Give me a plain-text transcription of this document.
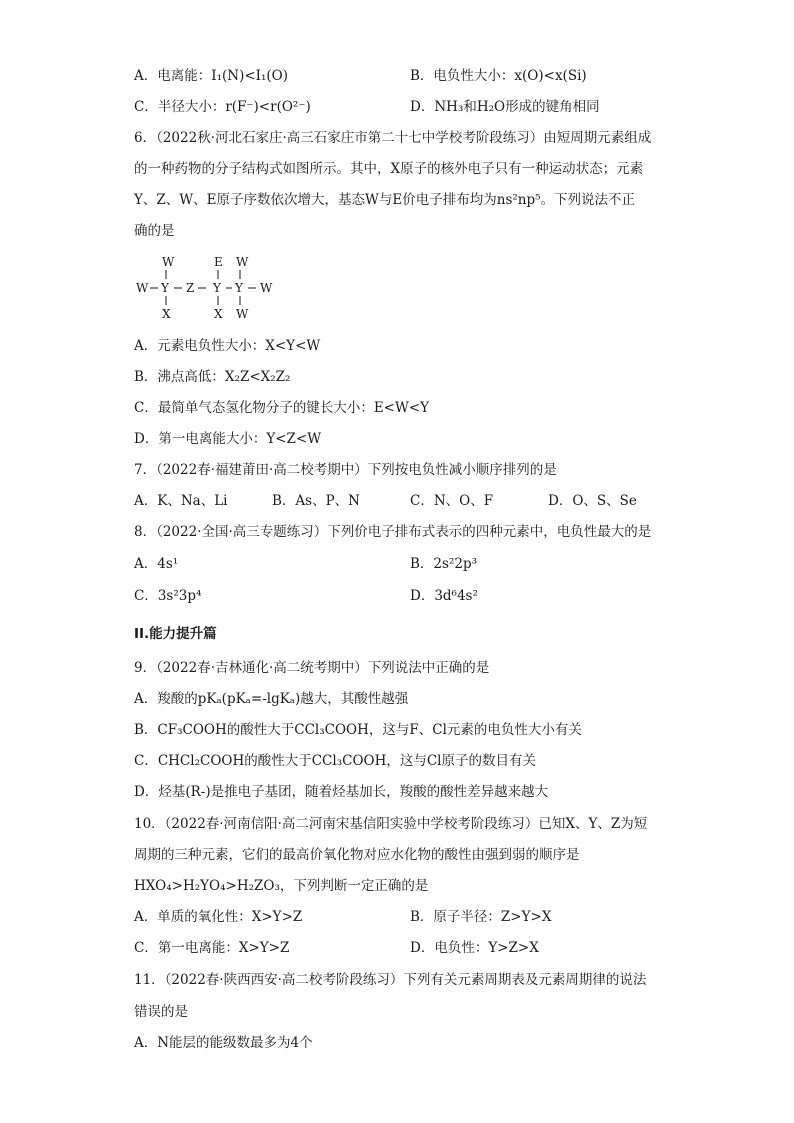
A．电离能：I₁(N)<I₁(O)	B．电负性大小：x(O)<x(Si)
C．半径大小：r(F⁻)<r(O²⁻)	D．NH₃和H₂O形成的键角相同
6．（2022秋·河北石家庄·高三石家庄市第二十七中学校考阶段练习）由短周期元素组成
的一种药物的分子结构式如图所示。其中，X原子的核外电子只有一种运动状态；元素
Y、Z、W、E原子序数依次增大，基态W与E价电子排布均为ns²np⁵。下列说法不正
确的是
W	E W
W Y Z Y Y W
X	X W
A．元素电负性大小：X<Y<W
B．沸点高低：X₂Z<X₂Z₂
C．最简单气态氢化物分子的键长大小：E<W<Y
D．第一电离能大小：Y<Z<W
7．（2022春·福建莆田·高二校考期中）下列按电负性减小顺序排列的是
A．K、Na、Li	B．As、P、N	C．N、O、F	D．O、S、Se
8．（2022·全国·高三专题练习）下列价电子排布式表示的四种元素中，电负性最大的是
A．4s¹	B．2s²2p³
C．3s²3p⁴	D．3d⁶4s²
II.能力提升篇
9．（2022春·吉林通化·高二统考期中）下列说法中正确的是
A．羧酸的pKₐ(pKₐ=-lgKₐ)越大，其酸性越强
B．CF₃COOH的酸性大于CCl₃COOH，这与F、Cl元素的电负性大小有关
C．CHCl₂COOH的酸性大于CCl₃COOH，这与Cl原子的数目有关
D．烃基(R-)是推电子基团，随着烃基加长，羧酸的酸性差异越来越大
10．（2022春·河南信阳·高二河南宋基信阳实验中学校考阶段练习）已知X、Y、Z为短
周期的三种元素，它们的最高价氧化物对应水化物的酸性由强到弱的顺序是
HXO₄>H₂YO₄>H₂ZO₃，下列判断一定正确的是
A．单质的氧化性：X>Y>Z	B．原子半径：Z>Y>X
C．第一电离能：X>Y>Z	D．电负性：Y>Z>X
11．（2022春·陕西西安·高二校考阶段练习）下列有关元素周期表及元素周期律的说法
错误的是
A．N能层的能级数最多为4个
